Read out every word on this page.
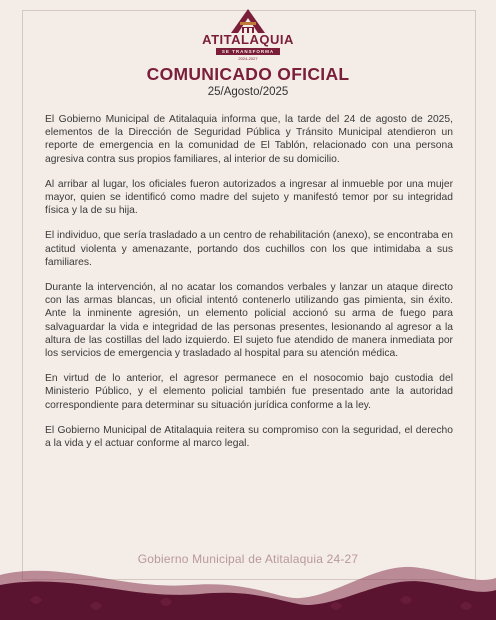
ATITALAQUIA
SE TRANSFORMA
2024-2027
COMUNICADO OFICIAL
25/Agosto/2025

El Gobierno Municipal de Atitalaquia informa que, la tarde del 24 de agosto de 2025, elementos de la Dirección de Seguridad Pública y Tránsito Municipal atendieron un reporte de emergencia en la comunidad de El Tablón, relacionado con una persona agresiva contra sus propios familiares, al interior de su domicilio.

Al arribar al lugar, los oficiales fueron autorizados a ingresar al inmueble por una mujer mayor, quien se identificó como madre del sujeto y manifestó temor por su integridad física y la de su hija.

El individuo, que sería trasladado a un centro de rehabilitación (anexo), se encontraba en actitud violenta y amenazante, portando dos cuchillos con los que intimidaba a sus familiares.

Durante la intervención, al no acatar los comandos verbales y lanzar un ataque directo con las armas blancas, un oficial intentó contenerlo utilizando gas pimienta, sin éxito. Ante la inminente agresión, un elemento policial accionó su arma de fuego para salvaguardar la vida e integridad de las personas presentes, lesionando al agresor a la altura de las costillas del lado izquierdo. El sujeto fue atendido de manera inmediata por los servicios de emergencia y trasladado al hospital para su atención médica.

En virtud de lo anterior, el agresor permanece en el nosocomio bajo custodia del Ministerio Público, y el elemento policial también fue presentado ante la autoridad correspondiente para determinar su situación jurídica conforme a la ley.

El Gobierno Municipal de Atitalaquia reitera su compromiso con la seguridad, el derecho a la vida y el actuar conforme al marco legal.

Gobierno Municipal de Atitalaquia 24-27
